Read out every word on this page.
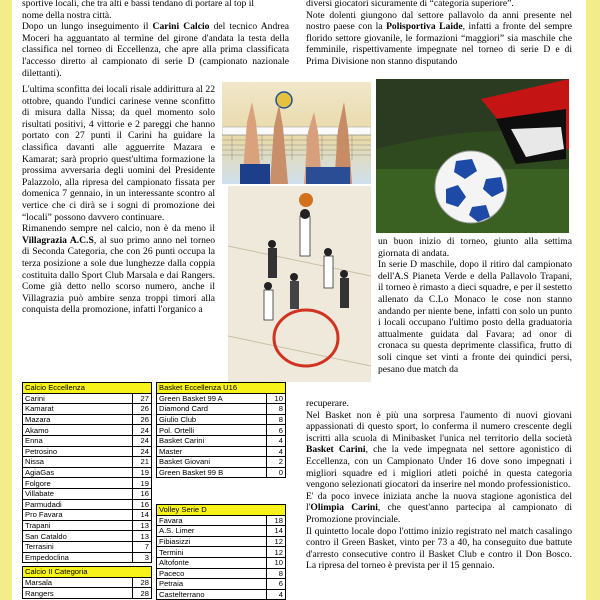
sportive locali, che tra alti e bassi tendano di portare al top il
nome della nostra città.

Dopo un lungo inseguimento il Carini Calcio del tecnico Andrea Moceri ha agguantato al termine del girone d'andata la testa della classifica nel torneo di Eccellenza, che apre alla prima classificata l'accesso diretto al campionato di serie D (campionato nazionale dilettanti).

L'ultima sconfitta dei locali risale addirittura al 22 ottobre, quando l'undici carinese venne sconfitto di misura dalla Nissa; da quel momento solo risultati positivi, 4 vittorie e 2 pareggi che hanno portato con 27 punti il Carini ha guidare la classifica davanti alle agguerrite Mazara e Kamarat; sarà proprio quest'ultima formazione la prossima avversaria degli uomini del Presidente Palazzolo, alla ripresa del campionato fissata per domenica 7 gennaio, in un interessante scontro al vertice che ci dirà se i sogni di promozione dei “locali” possono davvero continuare.

Rimanendo sempre nel calcio, non è da meno il Villagrazia A.C.S, al suo primo anno nel torneo di Seconda Categoria, che con 26 punti occupa la terza posizione a sole due lunghezze dalla coppia costituita dallo Sport Club Marsala e dai Rangers. Come già detto nello scorso numero, anche il Villagrazia può ambire senza troppi timori alla conquista della promozione, infatti l'organico a

diversi giocatori sicuramente di “categoria superiore”.

Note dolenti giungono dal settore pallavolo da anni presente nel nostro paese con la Polisportiva Laide, infatti a fronte del sempre florido settore giovanile, le formazioni “maggiori” sia maschile che femminile, rispettivamente impegnate nel torneo di serie D e di Prima Divisione non stanno disputando

un buon inizio di torneo, giunto alla settima giornata di andata.

In serie D maschile, dopo il ritiro dal campionato dell'A.S Pianeta Verde e della Pallavolo Trapani, il torneo è rimasto a dieci squadre, e per il sestetto allenato da C.Lo Monaco le cose non stanno andando per niente bene, infatti con solo un punto i locali occupano l'ultimo posto della graduatoria attualmente guidata dal Favara; ad onor di cronaca su questa deprimente classifica, frutto di soli cinque set vinti a fronte dei quindici persi, pesano due match da

recuperare.

Nel Basket non è più una sorpresa l'aumento di nuovi giovani appassionati di questo sport, lo conferma il numero crescente degli iscritti alla scuola di Minibasket l'unica nel territorio della società Basket Carini, che la vede impegnata nel settore agonistico di Eccellenza, con un Campionato Under 16 dove sono impegnati i migliori squadre ed i migliori atleti poiché in questa categoria vengono selezionati giocatori da inserire nel mondo professionistico.

E' da poco invece iniziata anche la nuova stagione agonistica del l'Olimpia Carini, che quest'anno partecipa al campionato di Promozione provinciale.

Il quintetto locale dopo l'ottimo inizio registrato nel match casalingo contro il Green Basket, vinto per 73 a 40, ha conseguito due battute d'arresto consecutive contro il Basket Club e contro il Don Bosco. La ripresa del torneo è prevista per il 15 gennaio.

Calcio Eccellenza	
Carini	27
Kamarat	26
Mazara	26
Akamo	24
Enna	24
Petrosino	24
Nissa	21
AgiaGas	19
Folgore	19
Villabate	16
Parmudadi	16
Pro Favara	14
Trapani	13
San Cataldo	13
Terrasini	7
Empedoclina	3

Calcio II Categoria	
Marsala	28
Rangers	28
Basket Eccellenza U16	
Green Basket 99 A	10
Diamond Card	8
Giulio Club	8
Pol. Ortelli	6
Basket Carini	4
Master	4
Basket Giovani	2
Green Basket 99 B	0
Volley Serie D	
Favara	18
A.S. Limer	14
Fibiasizzi	12
Termini	12
Altofonte	10
Paceco	8
Petraia	6
Castelterrano	4
